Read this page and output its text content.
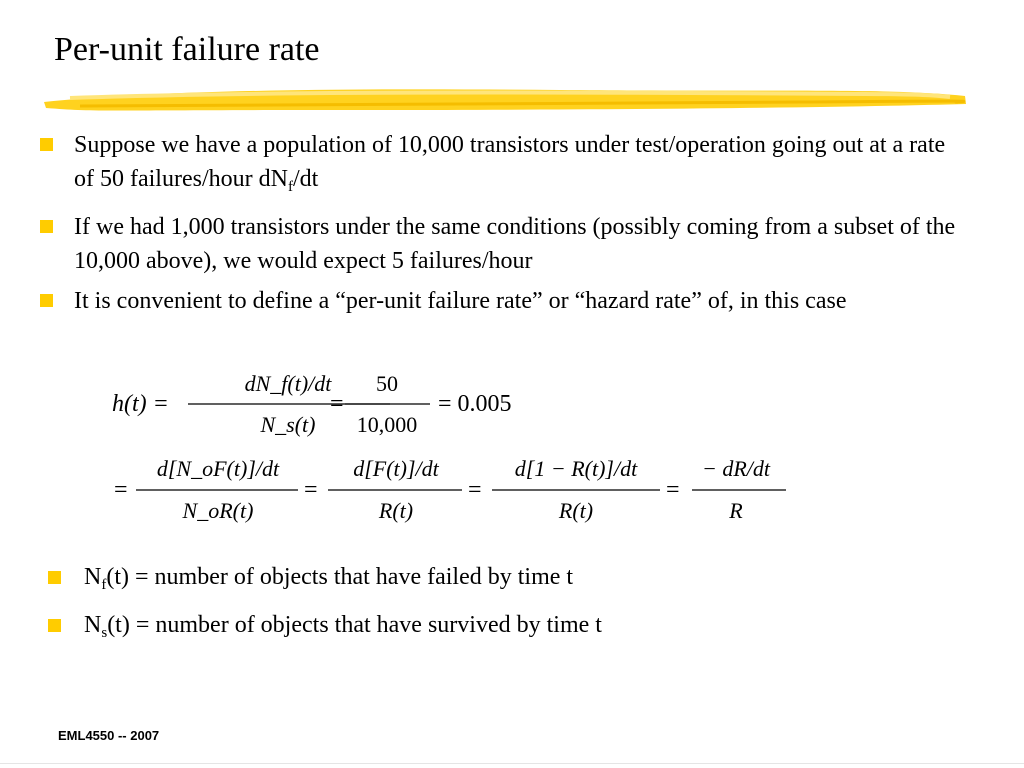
Per-unit failure rate
Suppose we have a population of 10,000 transistors under test/operation going out at a rate of 50 failures/hour $dN_f/dt$
If we had 1,000 transistors under the same conditions (possibly coming from a subset of the 10,000 above), we would expect 5 failures/hour
It is convenient to define a “per-unit failure rate” or “hazard rate” of, in this case
h(t) =
dN_f(t)/dt
N_s(t)
=
50
10,000
= 0.005
=
d[N_oF(t)]/dt
N_oR(t)
=
d[F(t)]/dt
R(t)
=
d[1 − R(t)]/dt
R(t)
=
− dR/dt
R
$N_f(t)$ = number of objects that have failed by time t
$N_s(t)$ = number of objects that have survived by time t
EML4550 -- 2007
